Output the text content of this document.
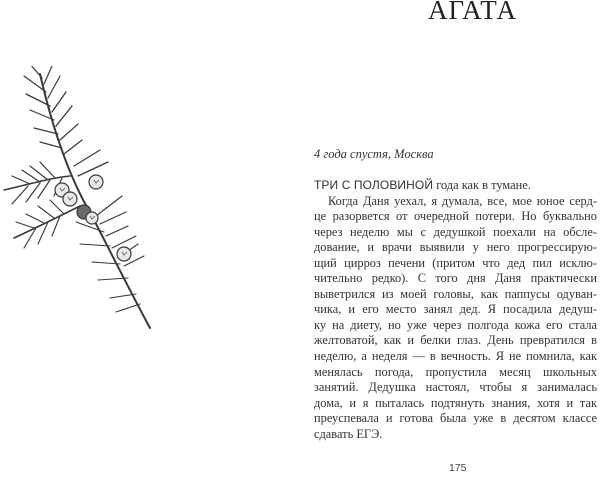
АГАТА

4 года спустя, Москва

ТРИ С ПОЛОВИНОЙ года как в тумане.
Когда Даня уехал, я думала, все, мое юное серд-
це разорвется от очередной потери. Но буквально
через неделю мы с дедушкой поехали на обсле-
дование, и врачи выявили у него прогрессирую-
щий цирроз печени (притом что дед пил исклю-
чительно редко). С того дня Даня практически
выветрился из моей головы, как паппусы одуван-
чика, и его место занял дед. Я посадила дедуш-
ку на диету, но уже через полгода кожа его стала
желтоватой, как и белки глаз. День превратился в
неделю, а неделя — в вечность. Я не помнила, как
менялась погода, пропустила месяц школьных
занятий. Дедушка настоял, чтобы я занималась
дома, и я пыталась подтянуть знания, хотя и так
преуспевала и готова была уже в десятом классе
сдавать ЕГЭ.
175
